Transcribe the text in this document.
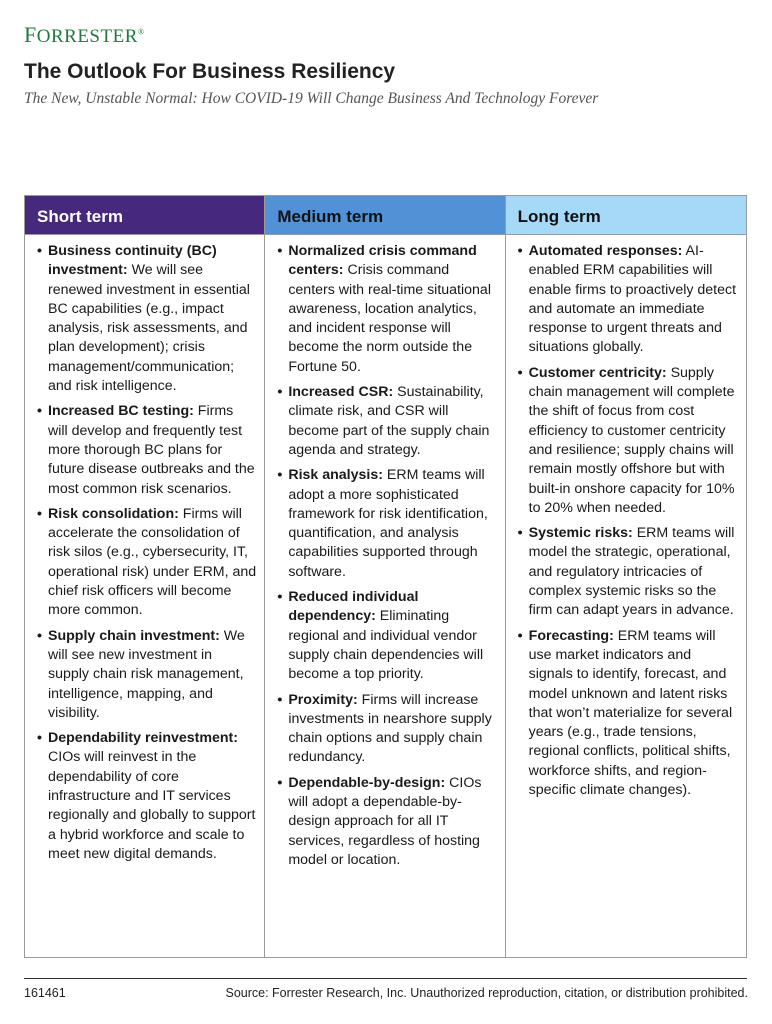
FORRESTER®
The Outlook For Business Resiliency
The New, Unstable Normal: How COVID-19 Will Change Business And Technology Forever
Short term
• Business continuity (BC) investment: We will see renewed investment in essential BC capabilities (e.g., impact analysis, risk assessments, and plan development); crisis management/communication; and risk intelligence.
• Increased BC testing: Firms will develop and frequently test more thorough BC plans for future disease outbreaks and the most common risk scenarios.
• Risk consolidation: Firms will accelerate the consolidation of risk silos (e.g., cybersecurity, IT, operational risk) under ERM, and chief risk officers will become more common.
• Supply chain investment: We will see new investment in supply chain risk management, intelligence, mapping, and visibility.
• Dependability reinvestment: CIOs will reinvest in the dependability of core infrastructure and IT services regionally and globally to support a hybrid workforce and scale to meet new digital demands.
Medium term
• Normalized crisis command centers: Crisis command centers with real-time situational awareness, location analytics, and incident response will become the norm outside the Fortune 50.
• Increased CSR: Sustainability, climate risk, and CSR will become part of the supply chain agenda and strategy.
• Risk analysis: ERM teams will adopt a more sophisticated framework for risk identification, quantification, and analysis capabilities supported through software.
• Reduced individual dependency: Eliminating regional and individual vendor supply chain dependencies will become a top priority.
• Proximity: Firms will increase investments in nearshore supply chain options and supply chain redundancy.
• Dependable-by-design: CIOs will adopt a dependable-by- design approach for all IT services, regardless of hosting model or location.
Long term
• Automated responses: AI-enabled ERM capabilities will enable firms to proactively detect and automate an immediate response to urgent threats and situations globally.
• Customer centricity: Supply chain management will complete the shift of focus from cost efficiency to customer centricity and resilience; supply chains will remain mostly offshore but with built-in onshore capacity for 10% to 20% when needed.
• Systemic risks: ERM teams will model the strategic, operational, and regulatory intricacies of complex systemic risks so the firm can adapt years in advance.
• Forecasting: ERM teams will use market indicators and signals to identify, forecast, and model unknown and latent risks that won’t materialize for several years (e.g., trade tensions, regional conflicts, political shifts, workforce shifts, and region-specific climate changes).
161461	Source: Forrester Research, Inc. Unauthorized reproduction, citation, or distribution prohibited.
